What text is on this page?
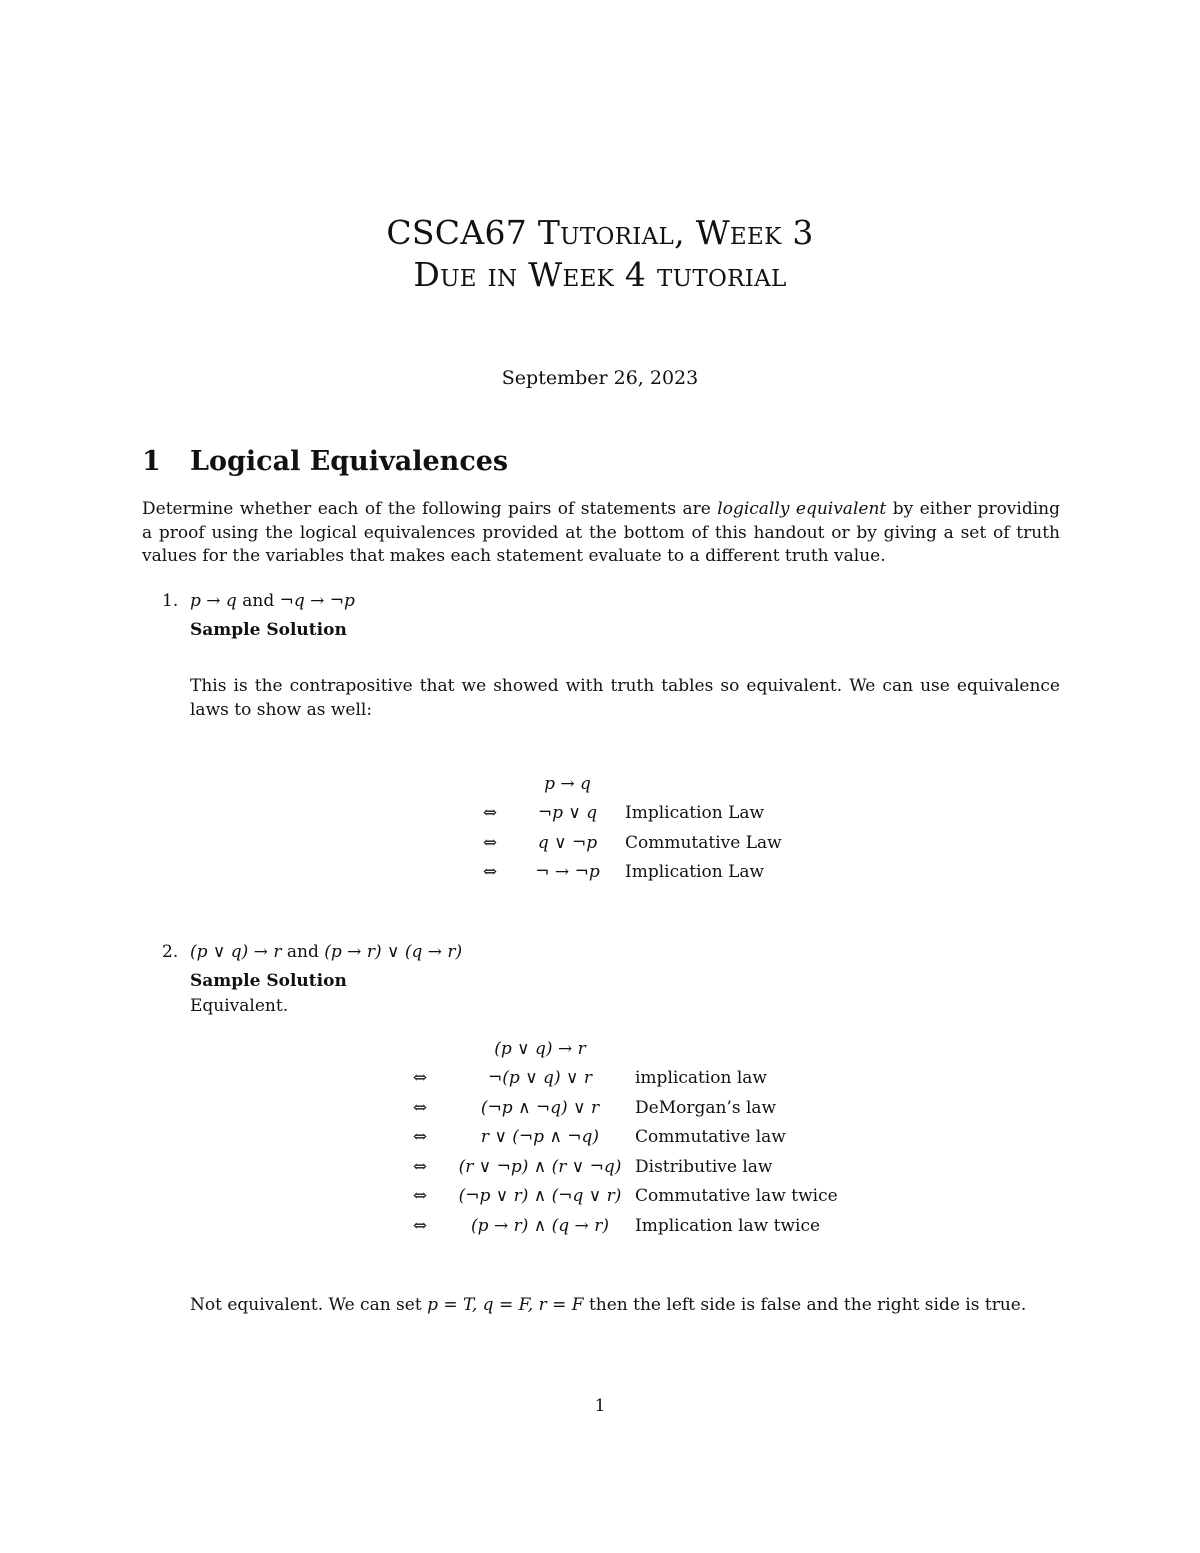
CSCA67 Tutorial, Week 3
Due in Week 4 tutorial
September 26, 2023
1 Logical Equivalences
Determine whether each of the following pairs of statements are logically equivalent by either providing a proof using the logical equivalences provided at the bottom of this handout or by giving a set of truth values for the variables that makes each statement evaluate to a different truth value.
1. p → q and ¬q → ¬p
Sample Solution
This is the contrapositive that we showed with truth tables so equivalent. We can use equivalence laws to show as well:
	p → q	
⇔	¬p ∨ q	Implication Law
⇔	q ∨ ¬p	Commutative Law
⇔	¬ → ¬p	Implication Law
2. (p ∨ q) → r and (p → r) ∨ (q → r)
Sample Solution
Equivalent.
	(p ∨ q) → r	
⇔	¬(p ∨ q) ∨ r	implication law
⇔	(¬p ∧ ¬q) ∨ r	DeMorgan’s law
⇔	r ∨ (¬p ∧ ¬q)	Commutative law
⇔	(r ∨ ¬p) ∧ (r ∨ ¬q)	Distributive law
⇔	(¬p ∨ r) ∧ (¬q ∨ r)	Commutative law twice
⇔	(p → r) ∧ (q → r)	Implication law twice
Not equivalent. We can set p = T, q = F, r = F then the left side is false and the right side is true.
1
